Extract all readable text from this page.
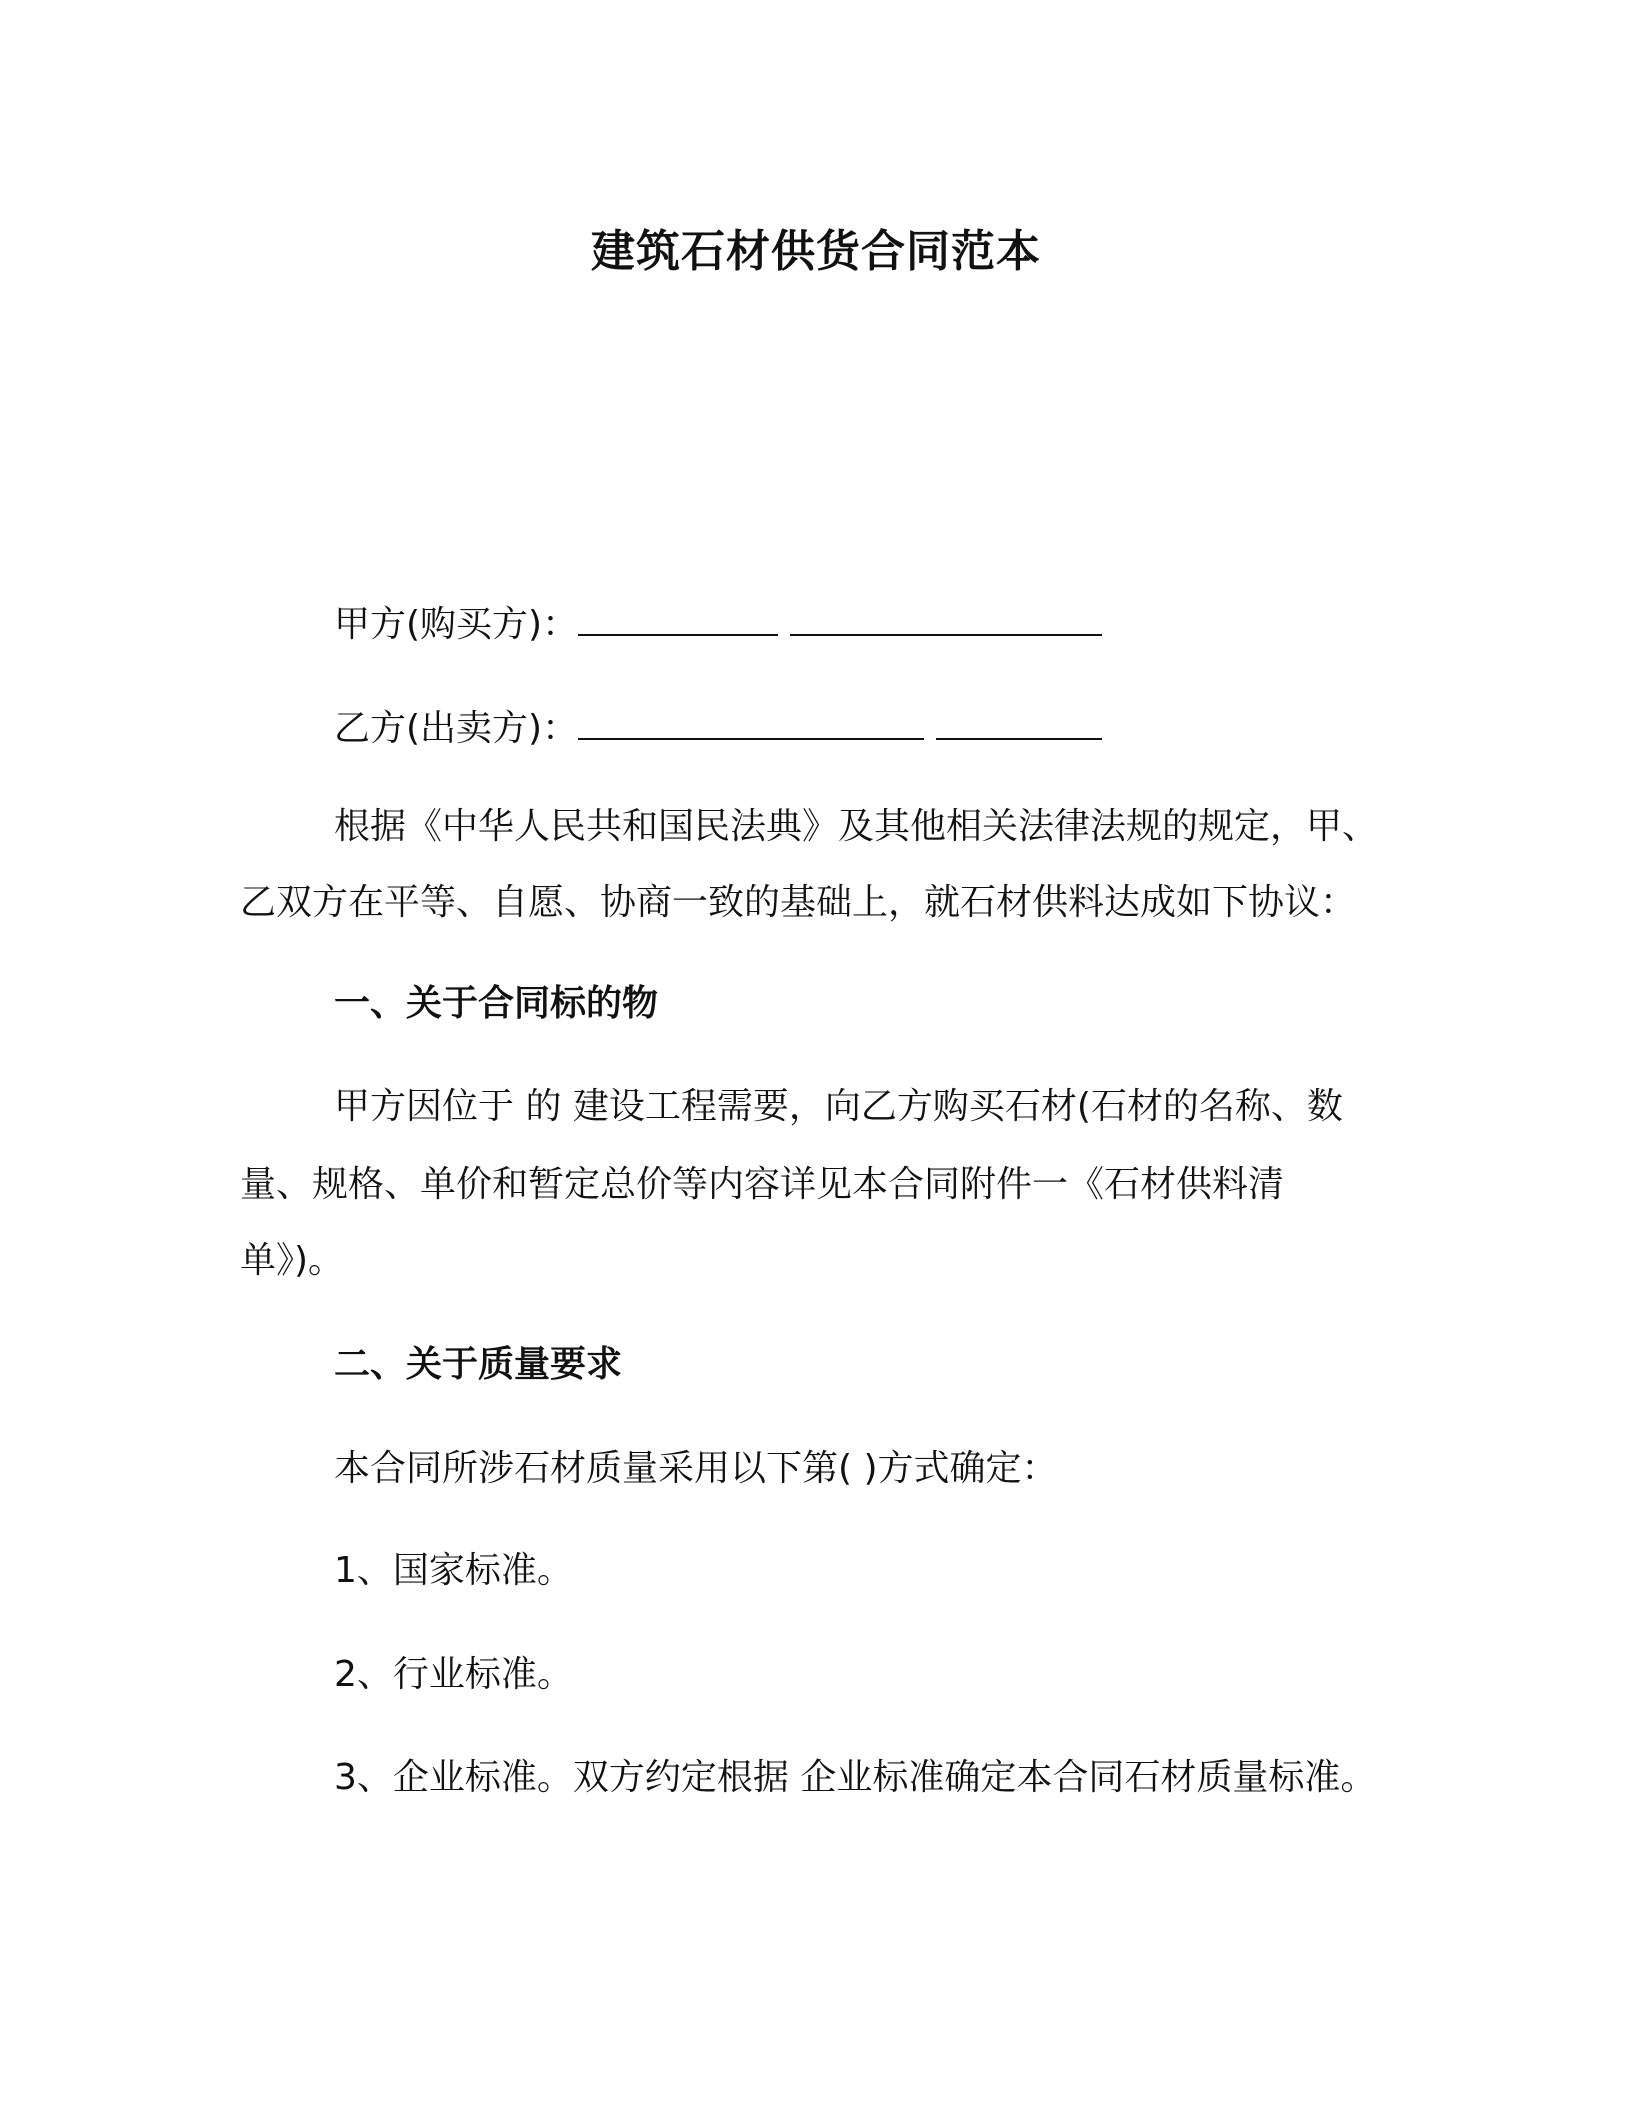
建筑石材供货合同范本
甲方(购买方)：
乙方(出卖方)：
根据《中华人民共和国民法典》及其他相关法律法规的规定，甲、
乙双方在平等、自愿、协商一致的基础上，就石材供料达成如下协议：
一、关于合同标的物
甲方因位于 的 建设工程需要，向乙方购买石材(石材的名称、数
量、规格、单价和暂定总价等内容详见本合同附件一《石材供料清
单》)。
二、关于质量要求
本合同所涉石材质量采用以下第( )方式确定：
1、国家标准。
2、行业标准。
3、企业标准。双方约定根据 企业标准确定本合同石材质量标准。
